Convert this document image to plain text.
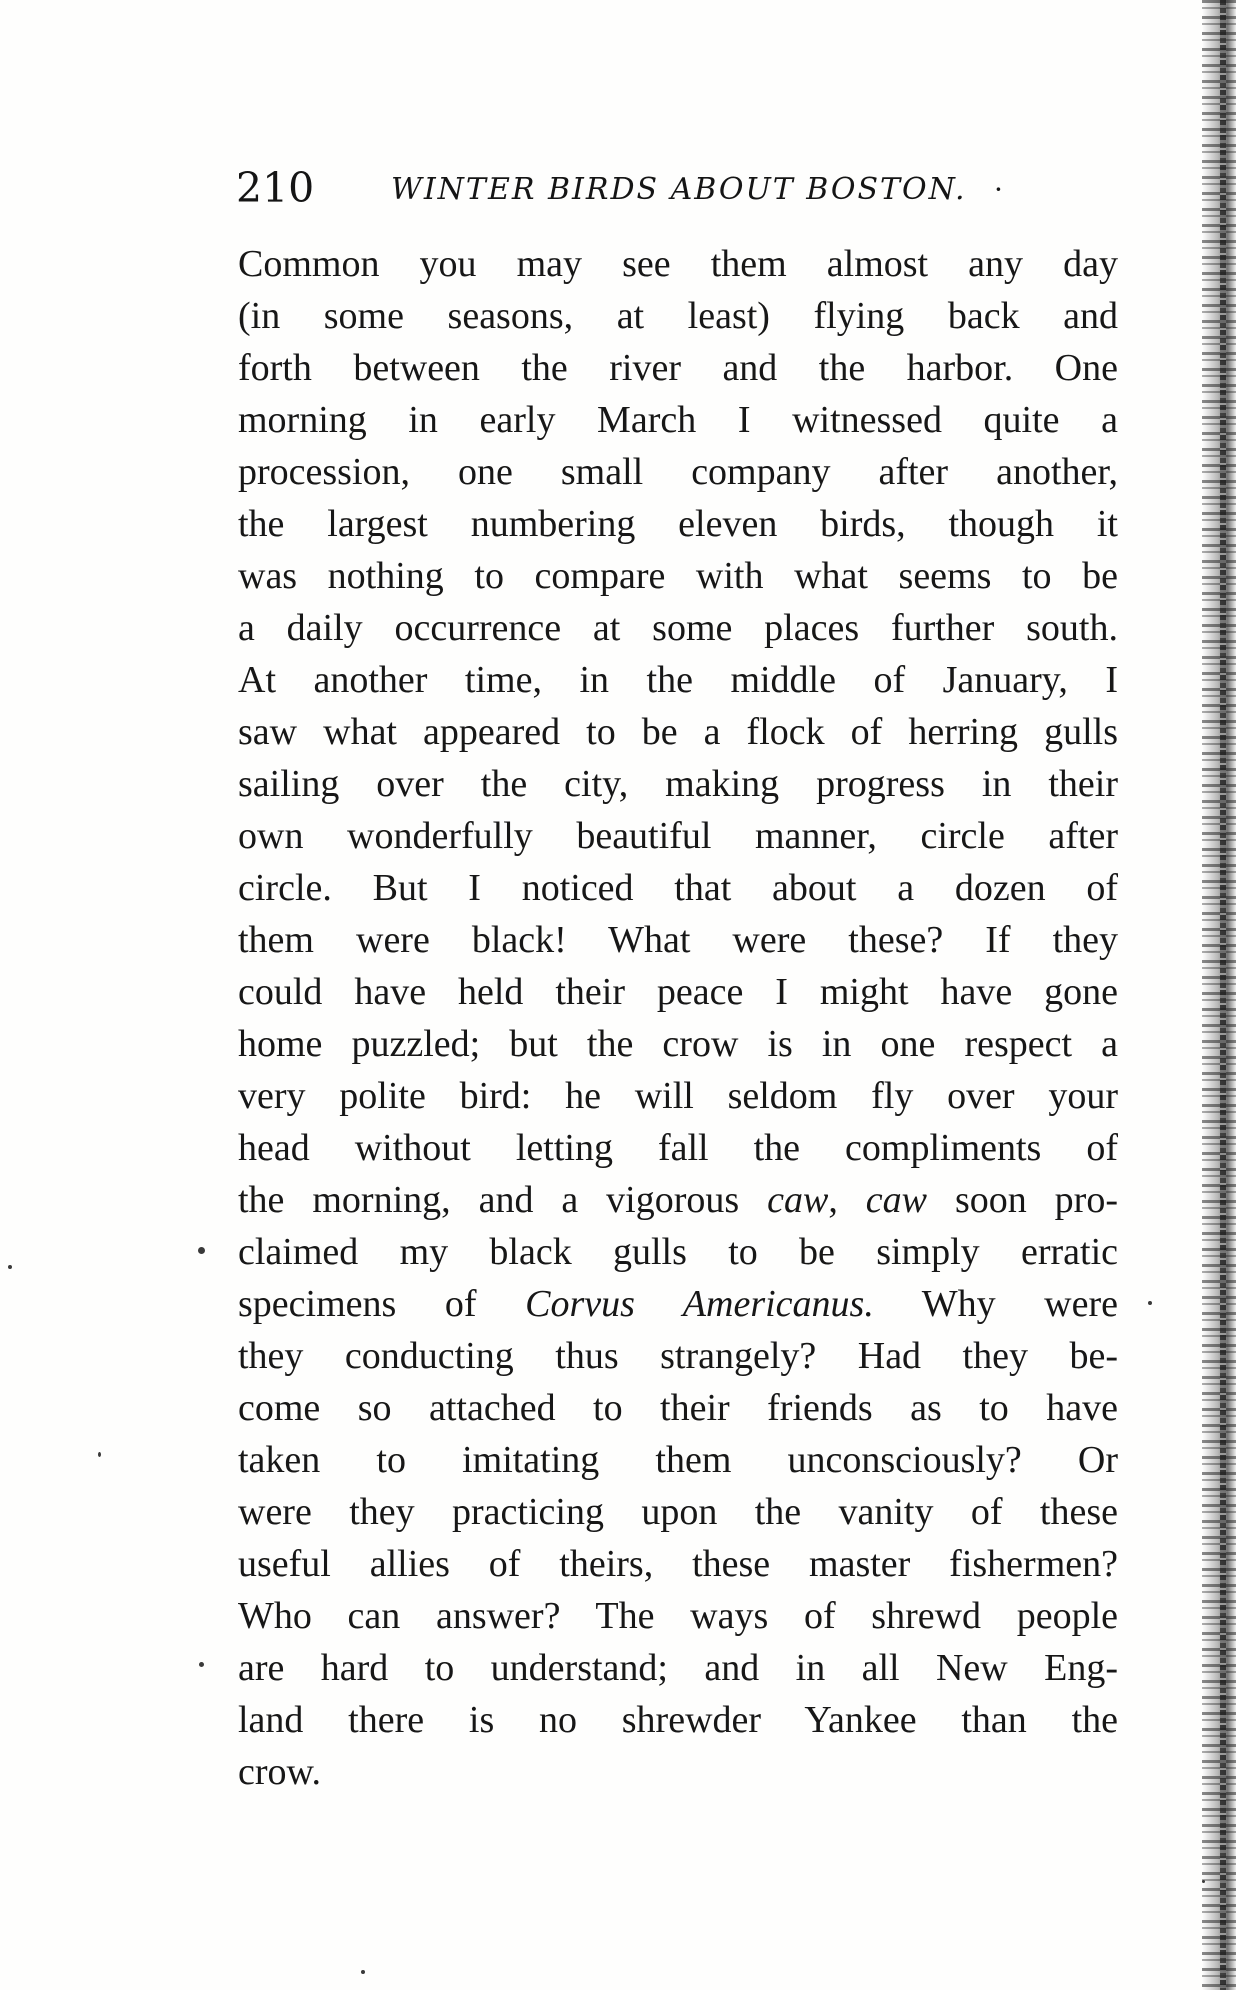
210	WINTER BIRDS ABOUT BOSTON. ·
Common you may see them almost any day
(in some seasons, at least) flying back and
forth between the river and the harbor. One
morning in early March I witnessed quite a
procession, one small company after another,
the largest numbering eleven birds, though it
was nothing to compare with what seems to be
a daily occurrence at some places further south.
At another time, in the middle of January, I
saw what appeared to be a flock of herring gulls
sailing over the city, making progress in their
own wonderfully beautiful manner, circle after
circle. But I noticed that about a dozen of
them were black! What were these? If they
could have held their peace I might have gone
home puzzled; but the crow is in one respect a
very polite bird: he will seldom fly over your
head without letting fall the compliments of
the morning, and a vigorous caw, caw soon pro-
claimed my black gulls to be simply erratic
specimens of Corvus Americanus. Why were
they conducting thus strangely? Had they be-
come so attached to their friends as to have
taken to imitating them unconsciously? Or
were they practicing upon the vanity of these
useful allies of theirs, these master fishermen?
Who can answer? The ways of shrewd people
are hard to understand; and in all New Eng-
land there is no shrewder Yankee than the
crow.
